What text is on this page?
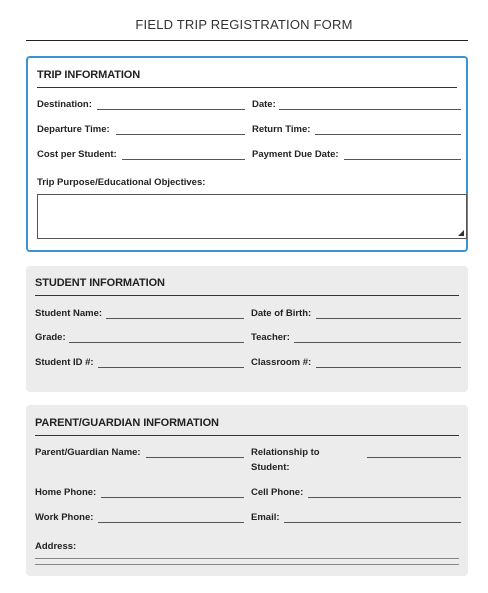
FIELD TRIP REGISTRATION FORM
TRIP INFORMATION
Destination:	Date:
Departure Time:	Return Time:
Cost per Student:	Payment Due Date:
Trip Purpose/Educational Objectives:
STUDENT INFORMATION
Student Name:	Date of Birth:
Grade:	Teacher:
Student ID #:	Classroom #:
PARENT/GUARDIAN INFORMATION
Parent/Guardian Name:	Relationship to
Student:
Home Phone:	Cell Phone:
Work Phone:	Email:
Address:
